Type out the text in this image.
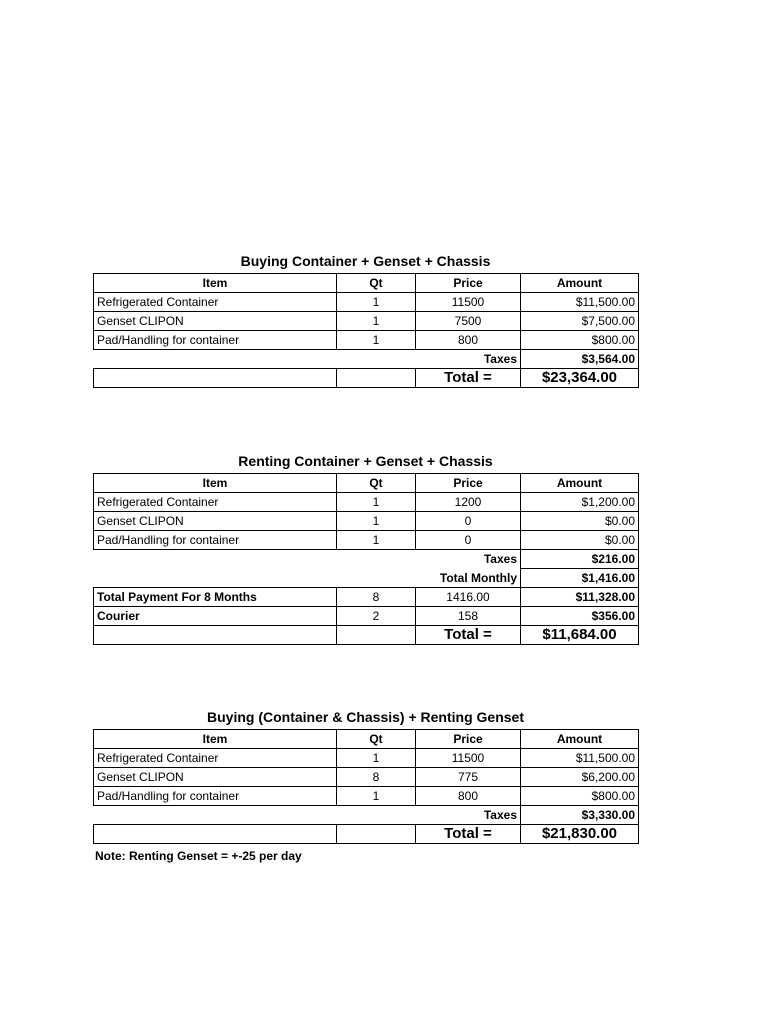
Buying Container + Genset + Chassis
Item	Qt	Price	Amount
Refrigerated Container	1	11500	$11,500.00
Genset CLIPON	1	7500	$7,500.00
Pad/Handling for container	1	800	$800.00
		Taxes	$3,564.00
		Total =	$23,364.00
Renting Container + Genset + Chassis
Item	Qt	Price	Amount
Refrigerated Container	1	1200	$1,200.00
Genset CLIPON	1	0	$0.00
Pad/Handling for container	1	0	$0.00
		Taxes	$216.00
		Total Monthly	$1,416.00
Total Payment For 8 Months	8	1416.00	$11,328.00
Courier	2	158	$356.00
		Total =	$11,684.00
Buying (Container & Chassis) + Renting Genset
Item	Qt	Price	Amount
Refrigerated Container	1	11500	$11,500.00
Genset CLIPON	8	775	$6,200.00
Pad/Handling for container	1	800	$800.00
		Taxes	$3,330.00
		Total =	$21,830.00
Note: Renting Genset = +-25 per day
